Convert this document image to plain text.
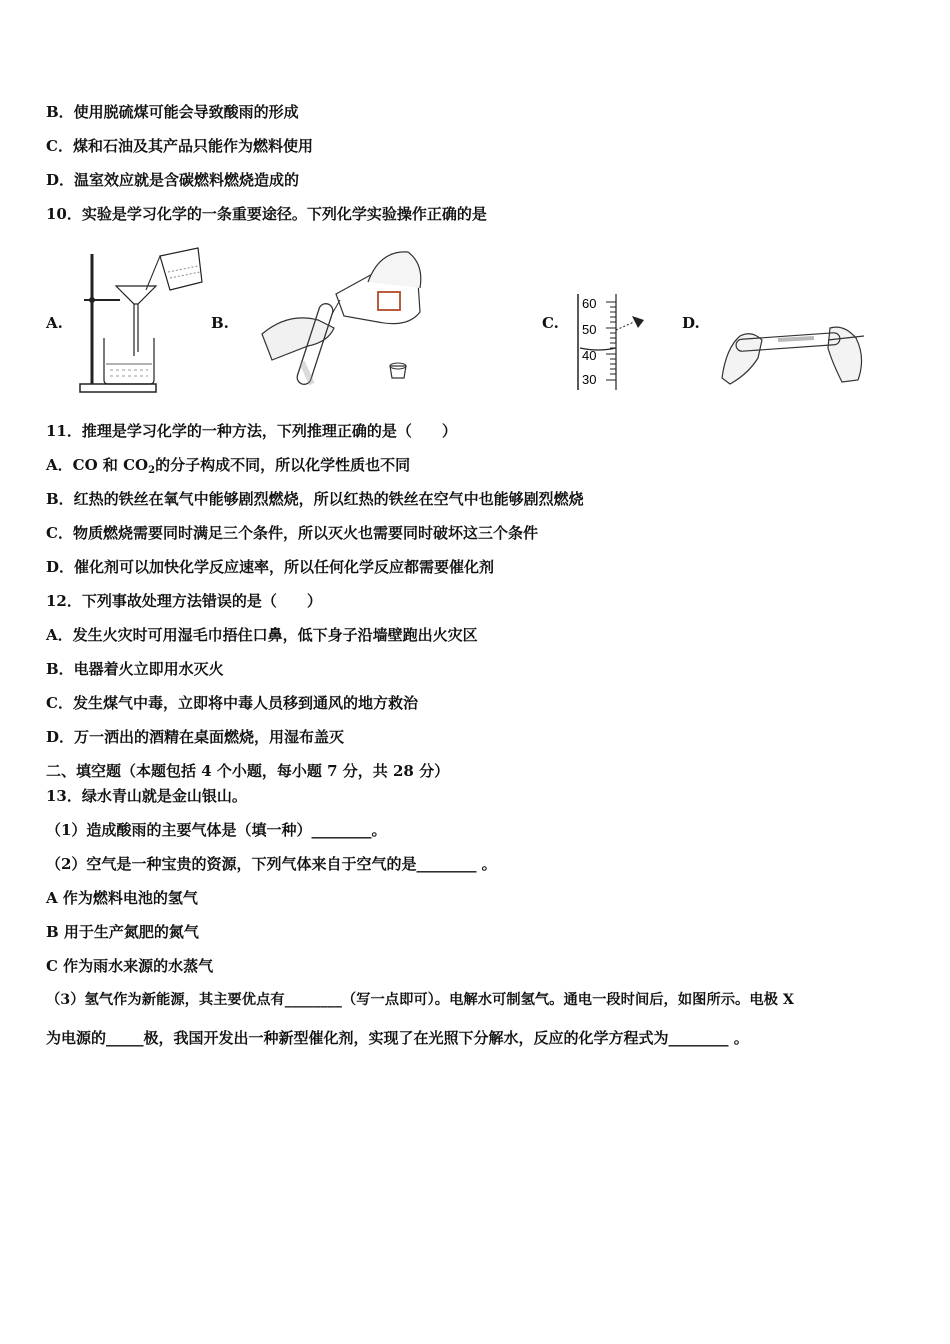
B．使用脱硫煤可能会导致酸雨的形成
C．煤和石油及其产品只能作为燃料使用
D．温室效应就是含碳燃料燃烧造成的
10．实验是学习化学的一条重要途径。下列化学实验操作正确的是
A.	B.	C.	D.
60
50
40
30
11．推理是学习化学的一种方法，下列推理正确的是（　　）
A．CO 和 $CO_2$的分子构成不同，所以化学性质也不同
B．红热的铁丝在氧气中能够剧烈燃烧，所以红热的铁丝在空气中也能够剧烈燃烧
C．物质燃烧需要同时满足三个条件，所以灭火也需要同时破坏这三个条件
D．催化剂可以加快化学反应速率，所以任何化学反应都需要催化剂
12．下列事故处理方法错误的是（　　）
A．发生火灾时可用湿毛巾捂住口鼻，低下身子沿墙壁跑出火灾区
B．电器着火立即用水灭火
C．发生煤气中毒，立即将中毒人员移到通风的地方救治
D．万一洒出的酒精在桌面燃烧，用湿布盖灭
二、填空题（本题包括 4 个小题，每小题 7 分，共 28 分）
13．绿水青山就是金山银山。
（1）造成酸雨的主要气体是（填一种）________。
（2）空气是一种宝贵的资源，下列气体来自于空气的是________ 。
A 作为燃料电池的氢气
B 用于生产氮肥的氮气
C 作为雨水来源的水蒸气
（3）氢气作为新能源，其主要优点有________（写一点即可）。电解水可制氢气。通电一段时间后，如图所示。电极 X
为电源的_____极，我国开发出一种新型催化剂，实现了在光照下分解水，反应的化学方程式为________ 。
